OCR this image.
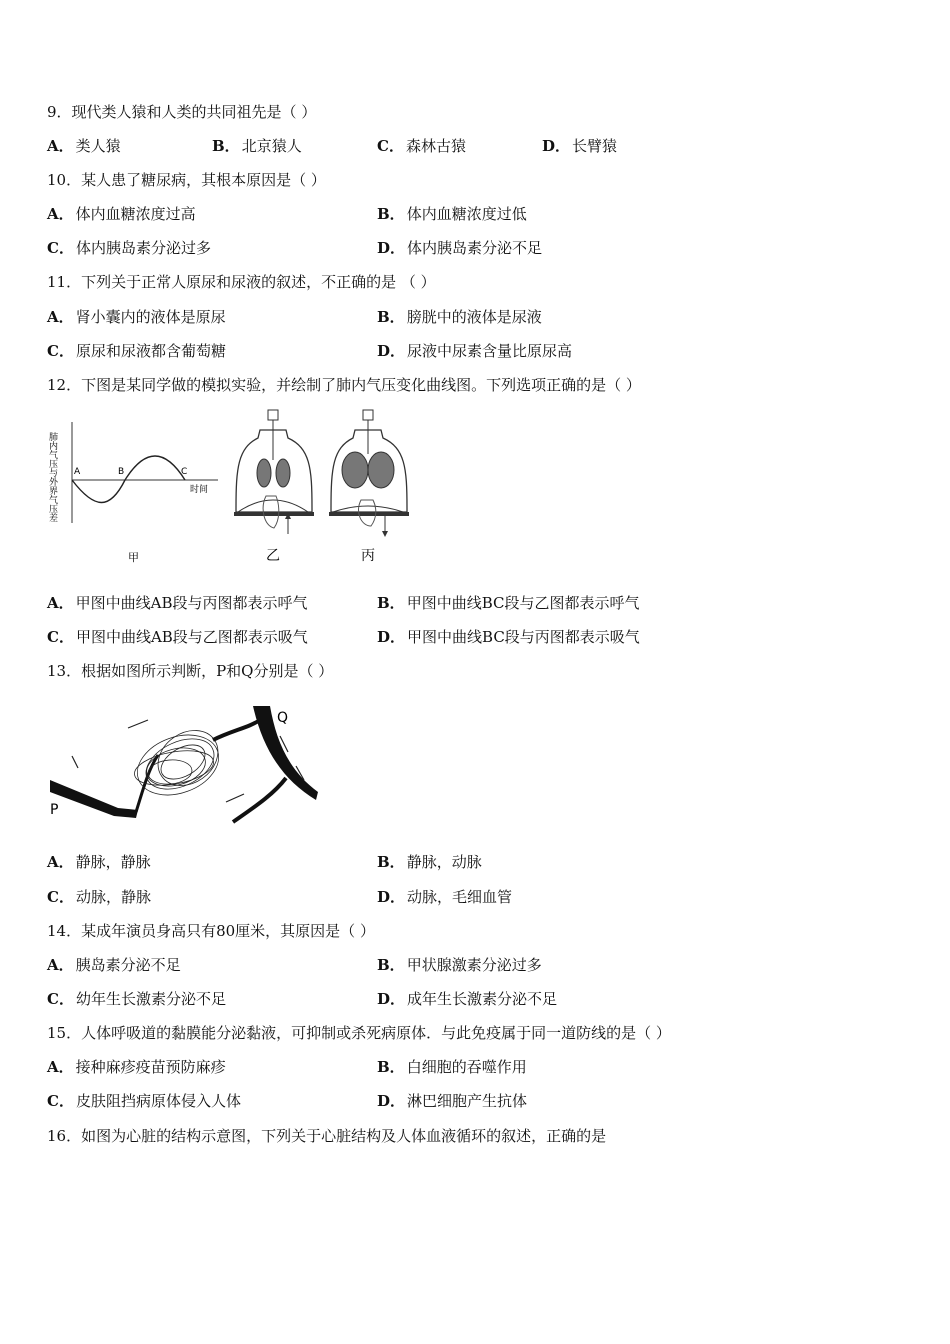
9．现代类人猿和人类的共同祖先是（ ）
A． 类人猿	B． 北京猿人	C． 森林古猿	D． 长臂猿
10．某人患了糖尿病，其根本原因是（ ）
A． 体内血糖浓度过高	B． 体内血糖浓度过低
C． 体内胰岛素分泌过多	D． 体内胰岛素分泌不足
11．下列关于正常人原尿和尿液的叙述，不正确的是 （ ）
A． 肾小囊内的液体是原尿	B． 膀胱中的液体是尿液
C． 原尿和尿液都含葡萄糖	D． 尿液中尿素含量比原尿高
12．下图是某同学做的模拟实验，并绘制了肺内气压变化曲线图。下列选项正确的是（ ）
肺内气压与外界气压差 A	B	C
时间
甲	乙	丙
A． 甲图中曲线AB段与丙图都表示呼气	B． 甲图中曲线BC段与乙图都表示呼气
C． 甲图中曲线AB段与乙图都表示吸气	D． 甲图中曲线BC段与丙图都表示吸气
13．根据如图所示判断，P和Q分别是（ ）
P
Q
A． 静脉，静脉	B． 静脉，动脉
C． 动脉，静脉	D． 动脉，毛细血管
14．某成年演员身高只有80厘米，其原因是（ ）
A． 胰岛素分泌不足	B． 甲状腺激素分泌过多
C． 幼年生长激素分泌不足	D． 成年生长激素分泌不足
15．人体呼吸道的黏膜能分泌黏液，可抑制或杀死病原体．与此免疫属于同一道防线的是（ ）
A． 接种麻疹疫苗预防麻疹	B． 白细胞的吞噬作用
C． 皮肤阻挡病原体侵入人体	D． 淋巴细胞产生抗体
16．如图为心脏的结构示意图，下列关于心脏结构及人体血液循环的叙述，正确的是
